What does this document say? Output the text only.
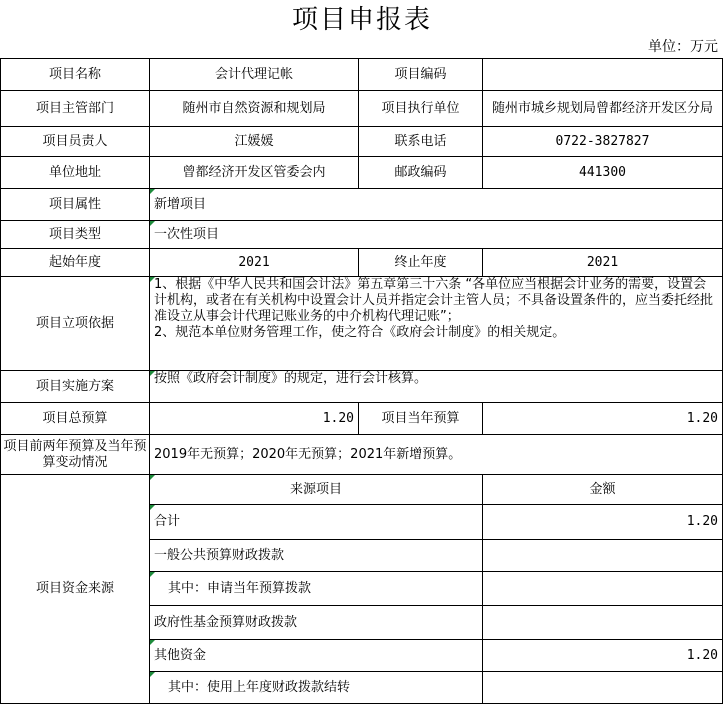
项目申报表
单位：万元
项目名称	会计代理记帐	项目编码	
项目主管部门	随州市自然资源和规划局	项目执行单位	随州市城乡规划局曾都经济开发区分局
项目员责人	江媛媛	联系电话	0722-3827827
单位地址	曾都经济开发区管委会内	邮政编码	441300
项目属性	新增项目		
项目类型	一次性项目		
起始年度	2021	终止年度	2021
项目立项依据	1、根据《中华人民共和国会计法》第五章第三十六条 “各单位应当根据会计业务的需要，设置会计机构，或者在有关机构中设置会计人员并指定会计主管人员；不具备设置条件的，应当委托经批准设立从事会计代理记账业务的中介机构代理记账”；
2、规范本单位财务管理工作，使之符合《政府会计制度》的相关规定。		

项目实施方案	按照《政府会计制度》的规定，进行会计核算。		
项目总预算	1.20	项目当年预算	1.20
项目前两年预算及当年预算变动情况	2019年无预算；2020年无预算；2021年新增预算。		
项目资金来源	来源项目		金额
	合计		1.20
	一般公共预算财政拨款		
	其中：申请当年预算拨款		
	政府性基金预算财政拨款		
	其他资金		1.20
	其中：使用上年度财政拨款结转		
